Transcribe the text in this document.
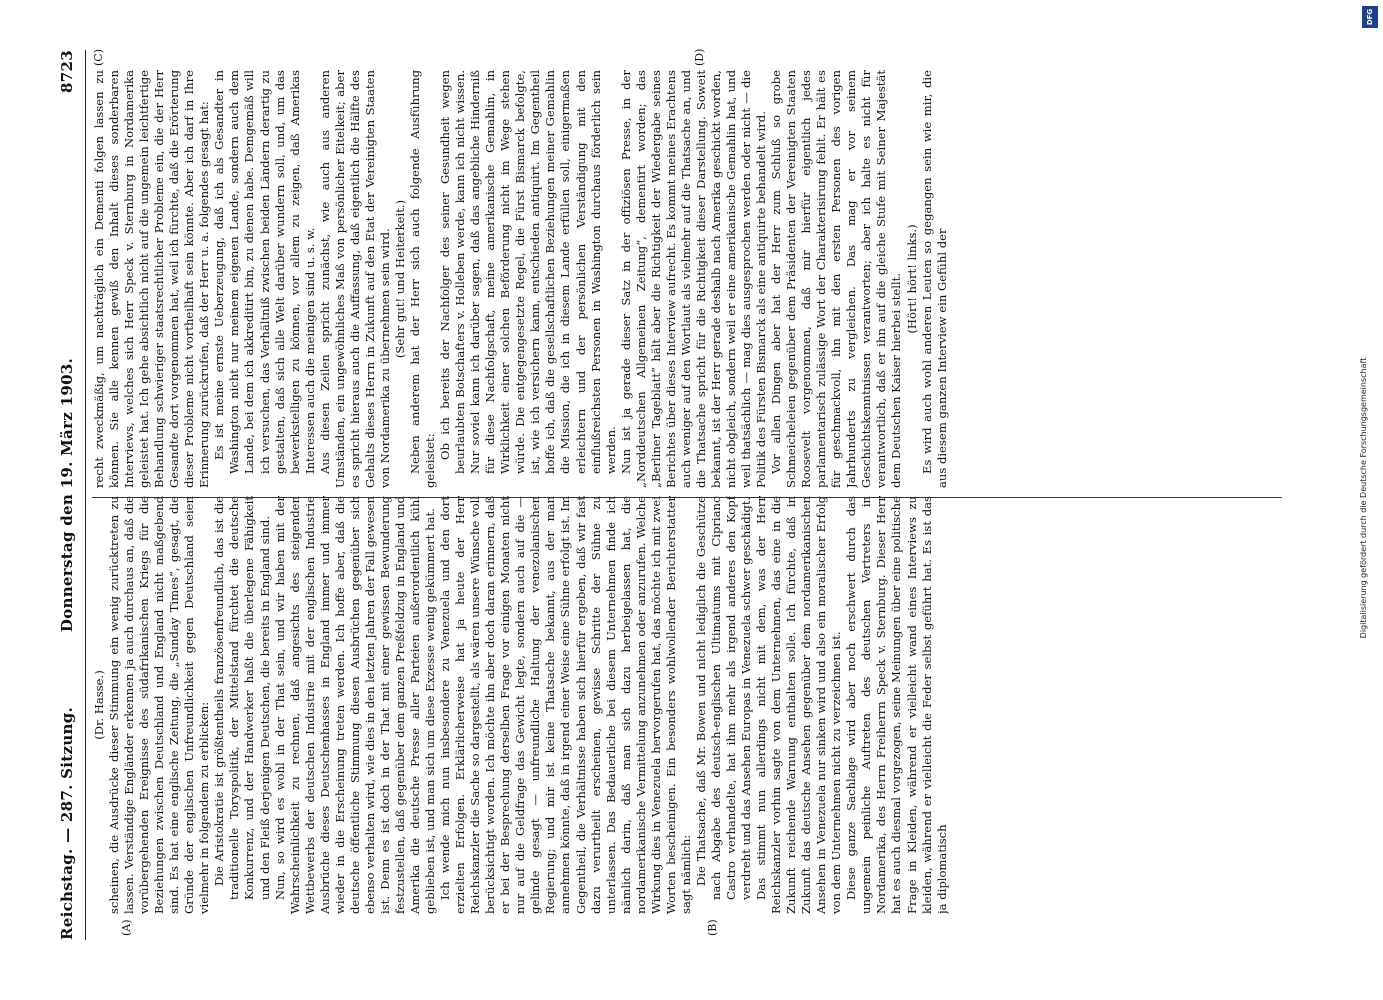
Reichstag. — 287. Sitzung.
Donnerstag den 19. März 1903.
8723
(A)	(B)
(C)	(D)

(Dr. Hasse.) scheinen, die Ausdrücke dieser Stimmung ein wenig zurücktreten zu lassen. Verständige Engländer erkennen ja auch durchaus an, daß die vorübergehenden Ereignisse des südafrikanischen Kriegs für die Beziehungen zwischen Deutschland und England nicht maßgebend sind. Es hat eine englische Zeitung, die „Sunday Times“, gesagt, die Gründe der englischen Unfreundlichkeit gegen Deutschland seien vielmehr in folgendem zu erblicken: Die Aristokratie ist größtentheils französenfreundlich, das ist die traditionelle Toryspolitik, der Mittelstand fürchtet die deutsche Konkurrenz, und der Handwerker haßt die überlegene Fähigkeit und den Fleiß derjenigen Deutschen, die bereits in England sind. Nun, so wird es wohl in der That sein, und wir haben mit der Wahrscheinlichkeit zu rechnen, daß angesichts des steigenden Wettbewerbs der deutschen Industrie mit der englischen Industrie Ausbrüche dieses Deutschenhasses in England immer und immer wieder in die Erscheinung treten werden. Ich hoffe aber, daß die deutsche öffentliche Stimmung diesen Ausbrüchen gegenüber sich ebenso verhalten wird, wie dies in den letzten Jahren der Fall gewesen ist. Denn es ist doch in der That mit einer gewissen Bewunderung festzustellen, daß gegenüber dem ganzen Preßfeldzug in England und Amerika die deutsche Presse aller Parteien außerordentlich kühl geblieben ist, und man sich um diese Exzesse wenig gekümmert hat. Ich wende mich nun insbesondere zu Venezuela und den dort erzielten Erfolgen. Erklärlicherweise hat ja heute der Herr Reichskanzler die Sache so dargestellt, als wären unsere Wünsche voll berücksichtigt worden. Ich möchte ihn aber doch daran erinnern, daß er bei der Besprechung derselben Frage vor einigen Monaten nicht nur auf die Geldfrage das Gewicht legte, sondern auch auf die — gelinde gesagt — unfreundliche Haltung der venezolanischen Regierung; und mir ist keine Thatsache bekannt, aus der man annehmen könnte, daß in irgend einer Weise eine Sühne erfolgt ist. Im Gegentheil, die Verhältnisse haben sich hierfür ergeben, daß wir fast dazu verurtheilt erscheinen, gewisse Schritte der Sühne zu unterlassen. Das Bedauerliche bei diesem Unternehmen finde ich nämlich darin, daß man sich dazu herbeigelassen hat, die nordamerikanische Vermittelung anzunehmen oder anzurufen. Welche Wirkung dies in Venezuela hervorgerufen hat, das möchte ich mit zwei Worten bescheinigen. Ein besonders wohlwollender Berichterstatter sagt nämlich: Die Thatsache, daß Mr. Bowen und nicht lediglich die Geschütze nach Abgabe des deutsch-englischen Ultimatums mit Cipriano Castro verhandelte, hat ihm mehr als irgend anderes den Kopf verdreht und das Ansehen Europas in Venezuela schwer geschädigt. Das stimmt nun allerdings nicht mit dem, was der Herr Reichskanzler vorhin sagte von dem Unternehmen, das eine in die Zukunft reichende Warnung enthalten solle. Ich fürchte, daß in Zukunft das deutsche Ansehen gegenüber dem nordamerikanischen Ansehen in Venezuela nur sinken wird und also ein moralischer Erfolg von dem Unternehmen nicht zu verzeichnen ist. Diese ganze Sachlage wird aber noch erschwert durch das ungemein peinliche Auftreten des deutschen Vertreters in Nordamerika, des Herrn Freiherrn Speck v. Sternburg. Dieser Herr hat es auch diesmal vorgezogen, seine Meinungen über eine politische Frage in Kleiden, während er vielleicht wand eines Interviews zu kleiden, während er vielleicht die Feder selbst geführt hat. Es ist das ja diplomatisch

recht zweckmäßig, um nachträglich ein Dementi folgen lassen zu können. Sie alle kennen gewiß den Inhalt dieses sonderbaren Interviews, welches sich Herr Speck v. Sternburg in Nordamerika geleistet hat. Ich gehe absichtlich nicht auf die ungemein leichtfertige Behandlung schwieriger staatsrechtlicher Probleme ein, die der Herr Gesandte dort vorgenommen hat, weil ich fürchte, daß die Erörterung dieser Probleme nicht vortheilhaft sein könnte. Aber ich darf in Ihre Erinnerung zurückrufen, daß der Herr u. a. folgendes gesagt hat: Es ist meine ernste Ueberzeugung, daß ich als Gesandter in Washington nicht nur meinem eigenen Lande, sondern auch dem Lande, bei dem ich akkreditirt bin, zu dienen habe. Demgemäß will ich versuchen, das Verhältniß zwischen beiden Ländern derartig zu gestalten, daß sich alle Welt darüber wundern soll, und, um das bewerkstelligen zu können, vor allem zu zeigen, daß Amerikas Interessen auch die meinigen sind u. s. w. Aus diesen Zeilen spricht zunächst, wie auch aus anderen Umständen, ein ungewöhnliches Maß von persönlicher Eitelkeit; aber es spricht hieraus auch die Auffassung, daß eigentlich die Hälfte des Gehalts dieses Herrn in Zukunft auf den Etat der Vereinigten Staaten von Nordamerika zu übernehmen sein wird. (Sehr gut! und Heiterkeit.) Neben anderem hat der Herr sich auch folgende Ausführung geleistet:

Ob ich bereits der Nachfolger des seiner Gesundheit wegen beurlaubten Botschafters v. Holleben werde, kann ich nicht wissen. Nur soviel kann ich darüber sagen, daß das angebliche Hinderniß für diese Nachfolgschaft, meine amerikanische Gemahlin, in Wirklichkeit einer solchen Beförderung nicht im Wege stehen würde. Die entgegengesetzte Regel, die Fürst Bismarck befolgte, ist, wie ich versichern kann, entschieden antiquirt. Im Gegentheil hoffe ich, daß die gesellschaftlichen Beziehungen meiner Gemahlin die Mission, die ich in diesem Lande erfüllen soll, einigermaßen erleichtern und der persönlichen Verständigung mit den einflußreichsten Personen in Washington durchaus förderlich sein werden. Nun ist ja gerade dieser Satz in der offiziösen Presse, in der „Norddeutschen Allgemeinen Zeitung“, dementirt worden; das „Berliner Tageblatt“ hält aber die Richtigkeit der Wiedergabe seines Berichtes über dieses Interview aufrecht. Es kommt meines Erachtens auch weniger auf den Wortlaut als vielmehr auf die Thatsache an, und die Thatsache spricht für die Richtigkeit dieser Darstellung. Soweit bekannt, ist der Herr gerade deshalb nach Amerika geschickt worden, nicht obgleich, sondern weil er eine amerikanische Gemahlin hat, und weil thatsächlich — mag dies ausgesprochen werden oder nicht — die Politik des Fürsten Bismarck als eine antiquirte behandelt wird. Vor allen Dingen aber hat der Herr zum Schluß so grobe Schmeicheleien gegenüber dem Präsidenten der Vereinigten Staaten Roosevelt vorgenommen, daß mir hierfür eigentlich jedes parlamentarisch zulässige Wort der Charakterisirung fehlt. Er hält es für geschmackvoll, ihn mit den ersten Personen des vorigen Jahrhunderts zu vergleichen. Das mag er vor seinem Geschichtskenntnissen verantworten; aber ich halte es nicht für verantwortlich, daß er ihn auf die gleiche Stufe mit Seiner Majestät dem Deutschen Kaiser hierbei stellt. (Hört! hört! links.) Es wird auch wohl anderen Leuten so gegangen sein wie mir, die aus diesem ganzen Interview ein Gefühl der	Digitalisierung gefördert durch die Deutsche Forschungsgemeinschaft
DFG
